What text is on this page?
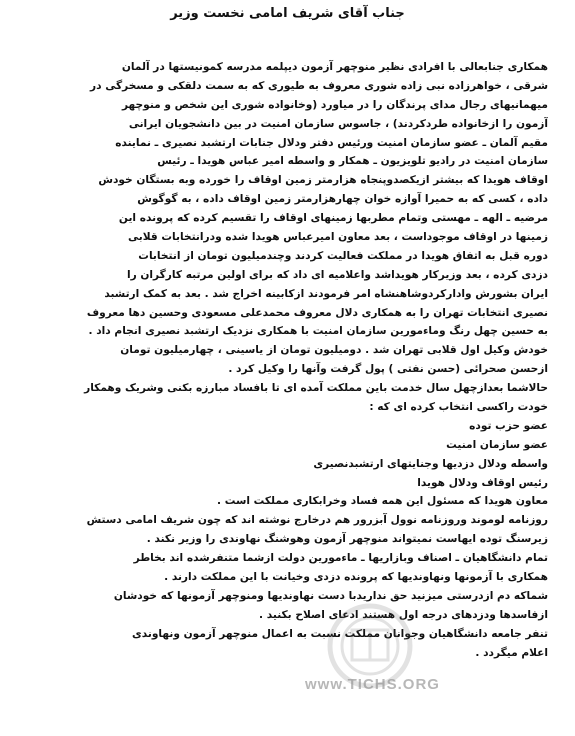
جناب آقای شریف امامی نخست وزیر
همکاری جنابعالی با افرادی نظیر منوچهر آزمون دیپلمه مدرسه کمونیستها در آلمان
شرقی ، خواهرزاده نبی زاده شوری معروف به طیوری که به سمت دلقکی و مسخرگی در
میهمانیهای رجال مدای پرندگان را در میاورد (وخانواده شوری این شخص و منوچهر
آزمون را ازخانواده طردکردند) ، جاسوس سازمان امنیت در بین دانشجویان ایرانی
مقیم آلمان ـ عضو سازمان امنیت ورئیس دفتر ودلال جنابات ارتشبد نصیری ـ نماینده
سازمان امنیت در رادیو تلویزیون ـ همکار و واسطه امیر عباس هویدا ـ رئیس
اوقاف هویدا که بیشتر ازیکصدوپنجاه هزارمتر زمین اوقاف را خورده وبه بستگان خودش
داده ، کسی که به حمیرا آوازه خوان چهارهزارمتر زمین اوقاف داده ، به گوگوش
مرضیه ـ الهه ـ مهستی وتمام مطربها زمینهای اوقاف را تقسیم کرده که پرونده این
زمینها در اوقاف موجوداست ، بعد معاون امیرعباس هویدا شده ودرانتخابات قلابی
دوره قبل به اتفاق هویدا در مملکت فعالیت کردند وچندمیلیون تومان از انتخابات
دزدی کرده ، بعد وزیرکار هویداشد واعلامیه ای داد که برای اولین مرتبه کارگران را
ایران بشورش وادارکردوشاهنشاه امر فرمودند ازکابینه اخراج شد . بعد به کمک ارتشبد
نصیری انتخابات تهران را به همکاری دلال معروف محمدعلی مسعودی وحسین دها معروف
به حسین چهل رنگ وماءمورین سازمان امنیت با همکاری نزدیک ارتشبد نصیری انجام داد .
خودش وکیل اول قلابی تهران شد . دومیلیون تومان از یاسینی ، چهارمیلیون تومان
ازحسن صحرائی (حسن نفتی ) پول گرفت وآنها را وکیل کرد .
حالاشما بعدازچهل سال خدمت باین مملکت آمده ای تا بافساد مبارزه بکنی وشریک وهمکار
خودت راکسی انتخاب کرده ای که :
عضو حزب توده
عضو سازمان امنیت
واسطه ودلال دزدیها وجنایتهای ارتشبدنصیری
رئیس اوقاف ودلال هویدا
معاون هویدا که مسئول این همه فساد وخرابکاری مملکت است .
روزنامه لوموند وروزنامه نوول آبزرور هم درخارج نوشته اند که چون شریف امامی دستش
زیرسنگ توده ایهاست نمیتواند منوچهر آزمون وهوشنگ نهاوندی را وزیر نکند .
تمام دانشگاهیان ـ اصناف وبازاریها ـ ماءمورین دولت ازشما متنفرشده اند بخاطر
همکاری با آزمونها ونهاوندیها که پرونده دزدی وخیانت با این مملکت دارند .
شماکه دم ازدرستی میزنید حق نداریدبا دست نهاوندیها ومنوچهر آزمونها که خودشان
ازفاسدها ودزدهای درجه اول هستند ادعای اصلاح بکنید .
تنفر جامعه دانشگاهیان وجوانان مملکت نسبت به اعمال منوچهر آزمون ونهاوندی
اعلام میگردد .
www.TICHS.ORG
